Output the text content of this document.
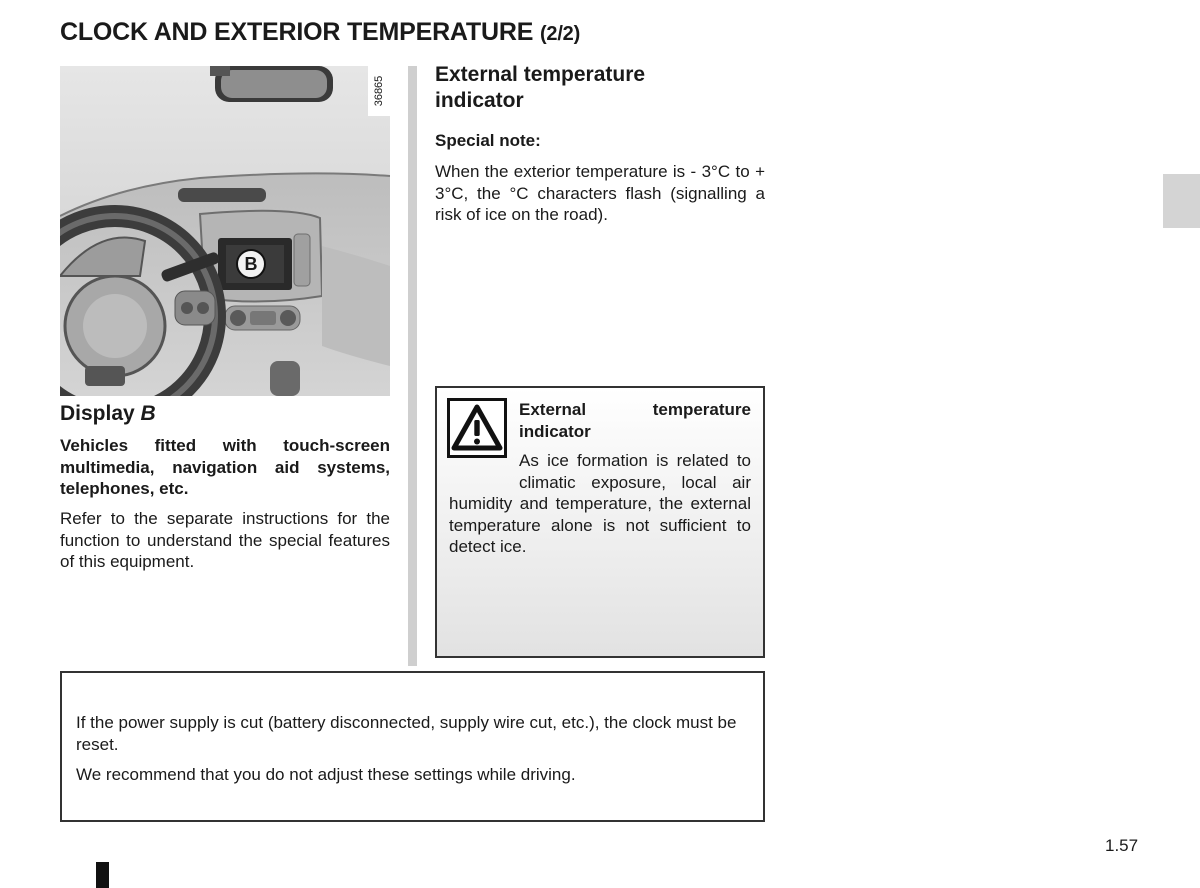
CLOCK AND EXTERIOR TEMPERATURE (2/2)
B
36865
Display B
Vehicles fitted with touch-screen multimedia, navigation aid systems, telephones, etc.
Refer to the separate instructions for the function to understand the special features of this equipment.
External temperature indicator
Special note:
When the exterior temperature is - 3°C to + 3°C, the °C characters flash (signalling a risk of ice on the road).
External temperature indicator
As ice formation is related to climatic exposure, local air humidity and temperature, the external temperature alone is not sufficient to detect ice.
If the power supply is cut (battery disconnected, supply wire cut, etc.), the clock must be reset.
We recommend that you do not adjust these settings while driving.
1.57
